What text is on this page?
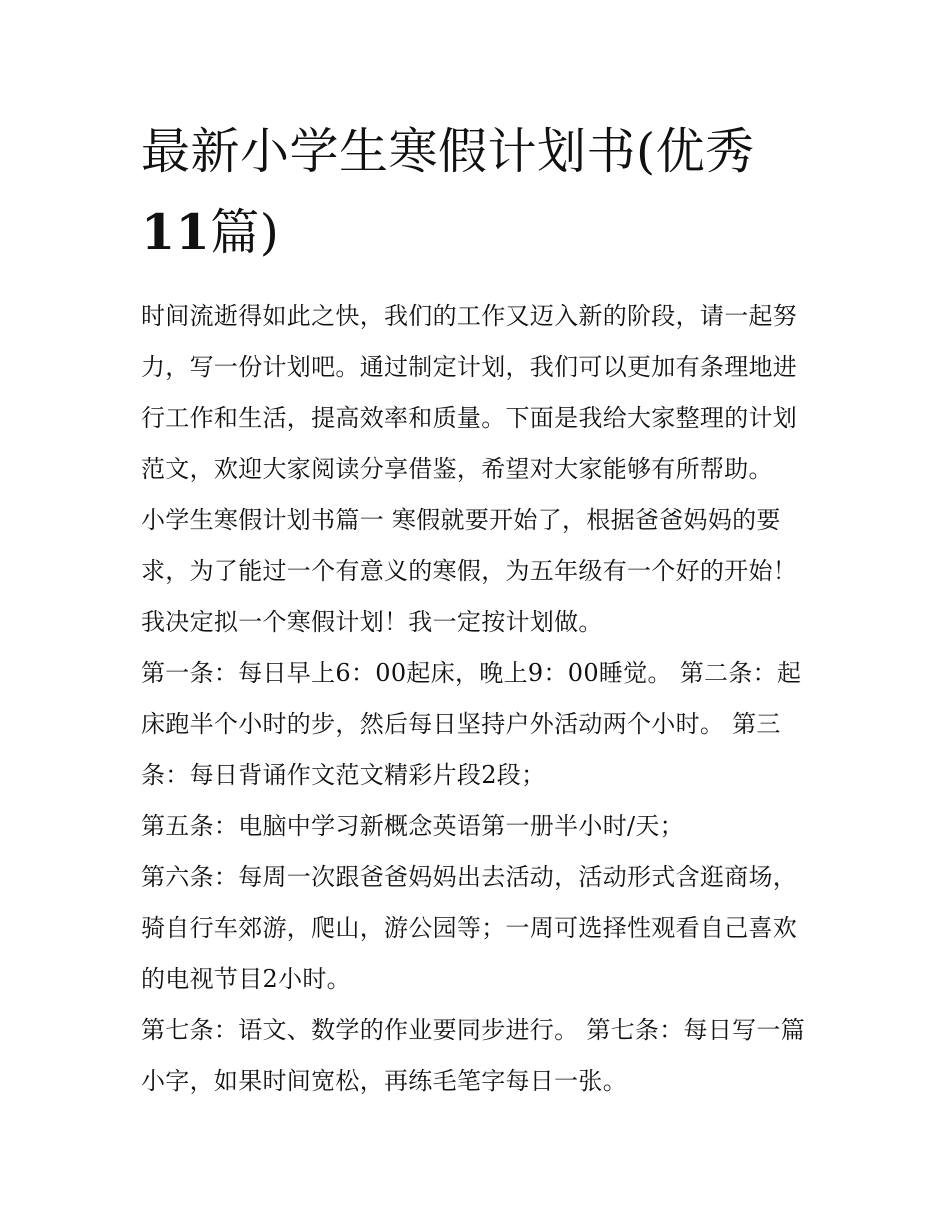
最新小学生寒假计划书(优秀
11篇)

时间流逝得如此之快，我们的工作又迈入新的阶段，请一起努力，写一份计划吧。通过制定计划，我们可以更加有条理地进行工作和生活，提高效率和质量。下面是我给大家整理的计划范文，欢迎大家阅读分享借鉴，希望对大家能够有所帮助。

小学生寒假计划书篇一 寒假就要开始了，根据爸爸妈妈的要求，为了能过一个有意义的寒假，为五年级有一个好的开始！我决定拟一个寒假计划！我一定按计划做。

第一条：每日早上6：00起床，晚上9：00睡觉。 第二条：起床跑半个小时的步，然后每日坚持户外活动两个小时。 第三条：每日背诵作文范文精彩片段2段；

第五条：电脑中学习新概念英语第一册半小时/天；

第六条：每周一次跟爸爸妈妈出去活动，活动形式含逛商场，骑自行车郊游，爬山，游公园等；一周可选择性观看自己喜欢的电视节目2小时。

第七条：语文、数学的作业要同步进行。 第七条：每日写一篇小字，如果时间宽松，再练毛笔字每日一张。
